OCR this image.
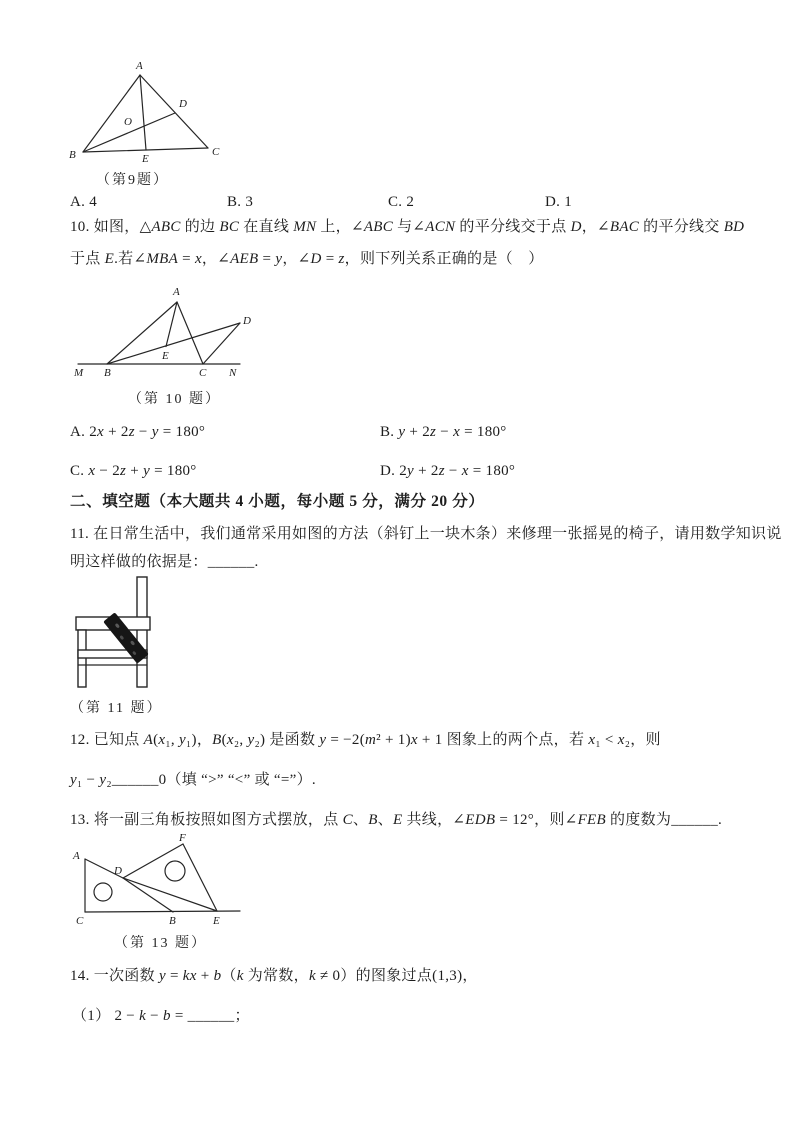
A
B	C
D
O
E
（第9题）
A. 4	B. 3	C. 2	D. 1
10. 如图，△ABC 的边 BC 在直线 MN 上，∠ABC 与∠ACN 的平分线交于点 D，∠BAC 的平分线交 BD
于点 E.若∠MBA = x，∠AEB = y，∠D = z，则下列关系正确的是（　）
M B	C N
A
D
E
（第 10 题）
A. 2x + 2z − y = 180°	B. y + 2z − x = 180°
C. x − 2z + y = 180°	D. 2y + 2z − x = 180°
二、填空题（本大题共 4 小题，每小题 5 分，满分 20 分）
11. 在日常生活中，我们通常采用如图的方法（斜钉上一块木条）来修理一张摇晃的椅子，请用数学知识说
明这样做的依据是：______.
（第 11 题）
12. 已知点 A(x₁, y₁)，B(x₂, y₂) 是函数 y = −2(m² + 1)x + 1 图象上的两个点，若 x₁ < x₂，则
y₁ − y₂______0（填 “>” “<” 或 “=”）.
13. 将一副三角板按照如图方式摆放，点 C、B、E 共线，∠EDB = 12°，则∠FEB 的度数为______.
A
C	B	E
F
D
（第 13 题）
14. 一次函数 y = kx + b（k 为常数，k ≠ 0）的图象过点(1,3)，
（1） 2 − k − b = ______；
